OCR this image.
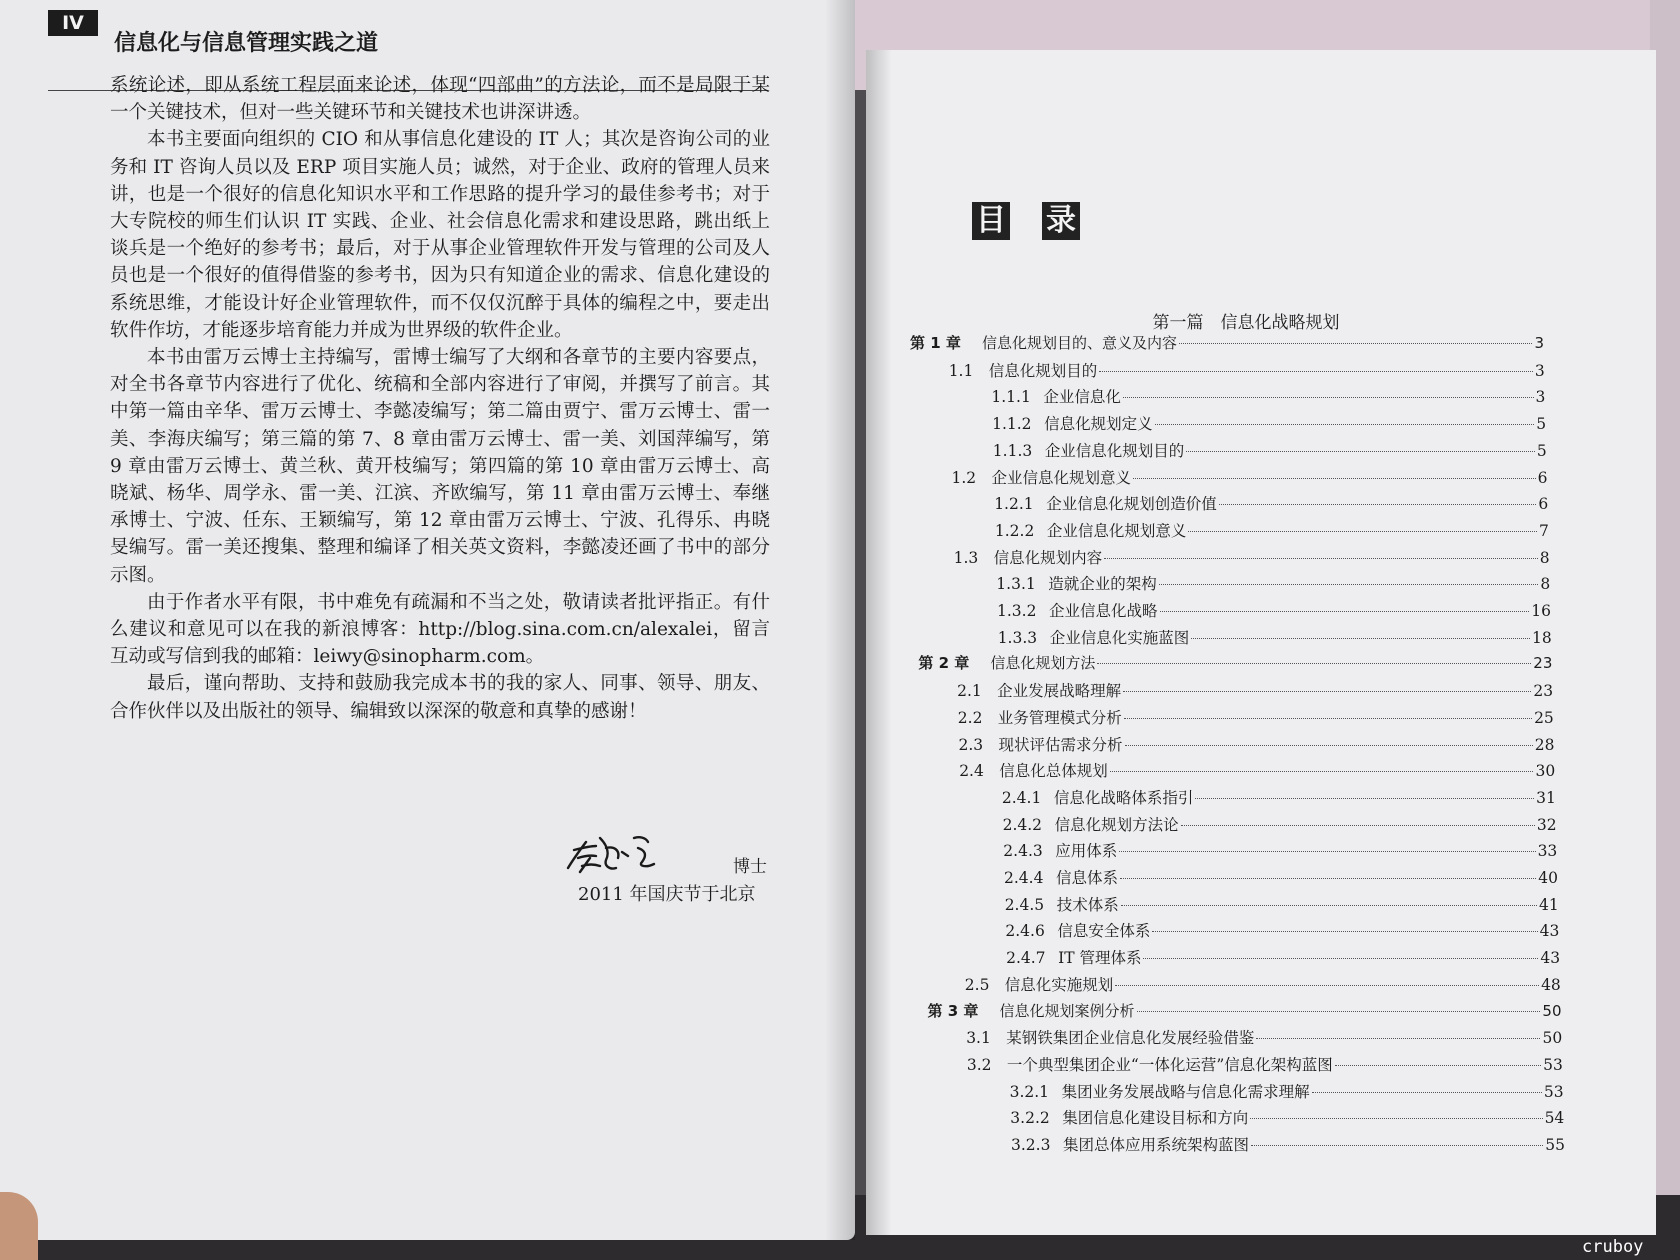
IV
信息化与信息管理实践之道

系统论述，即从系统工程层面来论述，体现“四部曲”的方法论，而不是局限于某一个关键技术，但对一些关键环节和关键技术也讲深讲透。

本书主要面向组织的 CIO 和从事信息化建设的 IT 人；其次是咨询公司的业务和 IT 咨询人员以及 ERP 项目实施人员；诚然，对于企业、政府的管理人员来讲，也是一个很好的信息化知识水平和工作思路的提升学习的最佳参考书；对于大专院校的师生们认识 IT 实践、企业、社会信息化需求和建设思路，跳出纸上谈兵是一个绝好的参考书；最后，对于从事企业管理软件开发与管理的公司及人员也是一个很好的值得借鉴的参考书，因为只有知道企业的需求、信息化建设的系统思维，才能设计好企业管理软件，而不仅仅沉醉于具体的编程之中，要走出软件作坊，才能逐步培育能力并成为世界级的软件企业。

本书由雷万云博士主持编写，雷博士编写了大纲和各章节的主要内容要点，对全书各章节内容进行了优化、统稿和全部内容进行了审阅，并撰写了前言。其中第一篇由辛华、雷万云博士、李懿凌编写；第二篇由贾宁、雷万云博士、雷一美、李海庆编写；第三篇的第 7、8 章由雷万云博士、雷一美、刘国萍编写，第 9 章由雷万云博士、黄兰秋、黄开枝编写；第四篇的第 10 章由雷万云博士、高晓斌、杨华、周学永、雷一美、江滨、齐欧编写，第 11 章由雷万云博士、奉继承博士、宁波、任东、王颖编写，第 12 章由雷万云博士、宁波、孔得乐、冉晓旻编写。雷一美还搜集、整理和编译了相关英文资料，李懿凌还画了书中的部分示图。

由于作者水平有限，书中难免有疏漏和不当之处，敬请读者批评指正。有什么建议和意见可以在我的新浪博客：http://blog.sina.com.cn/alexalei，留言互动或写信到我的邮箱：leiwy@sinopharm.com。

最后，谨向帮助、支持和鼓励我完成本书的我的家人、同事、领导、朋友、合作伙伴以及出版社的领导、编辑致以深深的敬意和真挚的感谢！

博士
2011 年国庆节于北京
目 录
第一篇　信息化战略规划
第 1 章	信息化规划目的、意义及内容	3
1.1 信息化规划目的	3
1.1.1 企业信息化	3
1.1.2 信息化规划定义	5
1.1.3 企业信息化规划目的	5
1.2 企业信息化规划意义	6
1.2.1 企业信息化规划创造价值	6
1.2.2 企业信息化规划意义	7
1.3 信息化规划内容	8
1.3.1 造就企业的架构	8
1.3.2 企业信息化战略	16
1.3.3 企业信息化实施蓝图	18
第 2 章	信息化规划方法	23
2.1 企业发展战略理解	23
2.2 业务管理模式分析	25
2.3 现状评估需求分析	28
2.4 信息化总体规划	30
2.4.1 信息化战略体系指引	31
2.4.2 信息化规划方法论	32
2.4.3 应用体系	33
2.4.4 信息体系	40
2.4.5 技术体系	41
2.4.6 信息安全体系	43
2.4.7 IT 管理体系	43
2.5 信息化实施规划	48
第 3 章	信息化规划案例分析	50
3.1 某钢铁集团企业信息化发展经验借鉴	50
3.2 一个典型集团企业“一体化运营”信息化架构蓝图	53
3.2.1 集团业务发展战略与信息化需求理解	53
3.2.2 集团信息化建设目标和方向	54
3.2.3 集团总体应用系统架构蓝图	55
cruboy
